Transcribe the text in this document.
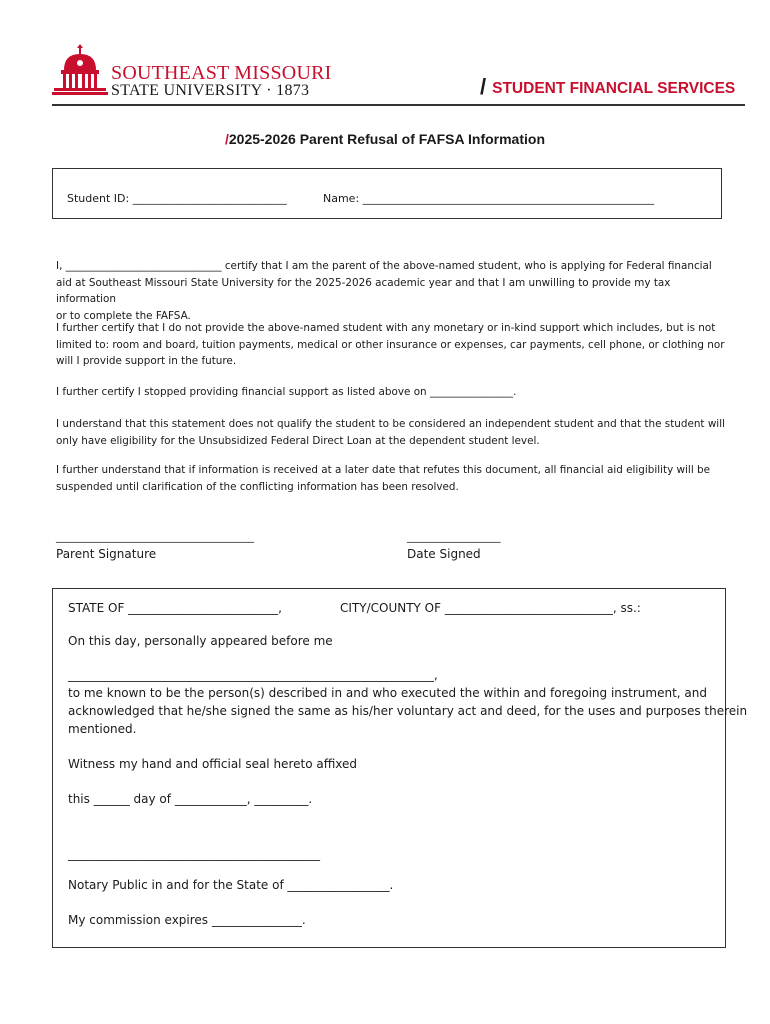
SOUTHEAST MISSOURI
STATE UNIVERSITY · 1873	/ STUDENT FINANCIAL SERVICES
/2025-2026 Parent Refusal of FAFSA Information
Student ID: ____________________________	Name: _____________________________________________________
I, ______________________________ certify that I am the parent of the above-named student, who is applying for Federal financial
aid at Southeast Missouri State University for the 2025-2026 academic year and that I am unwilling to provide my tax information
or to complete the FAFSA.
I further certify that I do not provide the above-named student with any monetary or in-kind support which includes, but is not
limited to: room and board, tuition payments, medical or other insurance or expenses, car payments, cell phone, or clothing nor
will I provide support in the future.
I further certify I stopped providing financial support as listed above on ________________.
I understand that this statement does not qualify the student to be considered an independent student and that the student will
only have eligibility for the Unsubsidized Federal Direct Loan at the dependent student level.
I further understand that if information is received at a later date that refutes this document, all financial aid eligibility will be
suspended until clarification of the conflicting information has been resolved.
____________________________________
Parent Signature
_________________
Date Signed
STATE OF _________________________,	CITY/COUNTY OF ____________________________, ss.:
On this day, personally appeared before me
_____________________________________________________________,
to me known to be the person(s) described in and who executed the within and foregoing instrument, and
acknowledged that he/she signed the same as his/her voluntary act and deed, for the uses and purposes therein
mentioned.
Witness my hand and official seal hereto affixed
this ______ day of ____________, _________.
__________________________________________
Notary Public in and for the State of _________________.
My commission expires _______________.
